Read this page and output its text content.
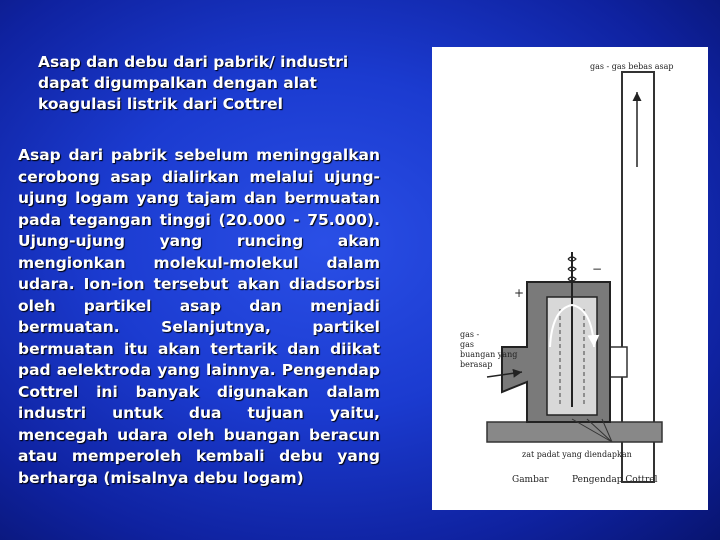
Asap dan debu dari pabrik/ industri dapat digumpalkan dengan alat koagulasi listrik dari Cottrel
Asap dari pabrik sebelum meninggalkan cerobong asap dialirkan melalui ujung-ujung logam yang tajam dan bermuatan pada tegangan tinggi (20.000 - 75.000). Ujung-ujung yang runcing akan mengionkan molekul-molekul dalam udara. Ion-ion tersebut akan diadsorbsi oleh partikel asap dan menjadi bermuatan. Selanjutnya, partikel bermuatan itu akan tertarik dan diikat pad aelektroda yang lainnya. Pengendap Cottrel ini banyak digunakan dalam industri untuk dua tujuan yaitu, mencegah udara oleh buangan beracun atau memperoleh kembali debu yang berharga (misalnya debu logam)
+
−
gas - gas bebas asap
gas -
gas
buangan yang
berasap
zat padat yang diendapkan
Gambar	Pengendap Cottrel
